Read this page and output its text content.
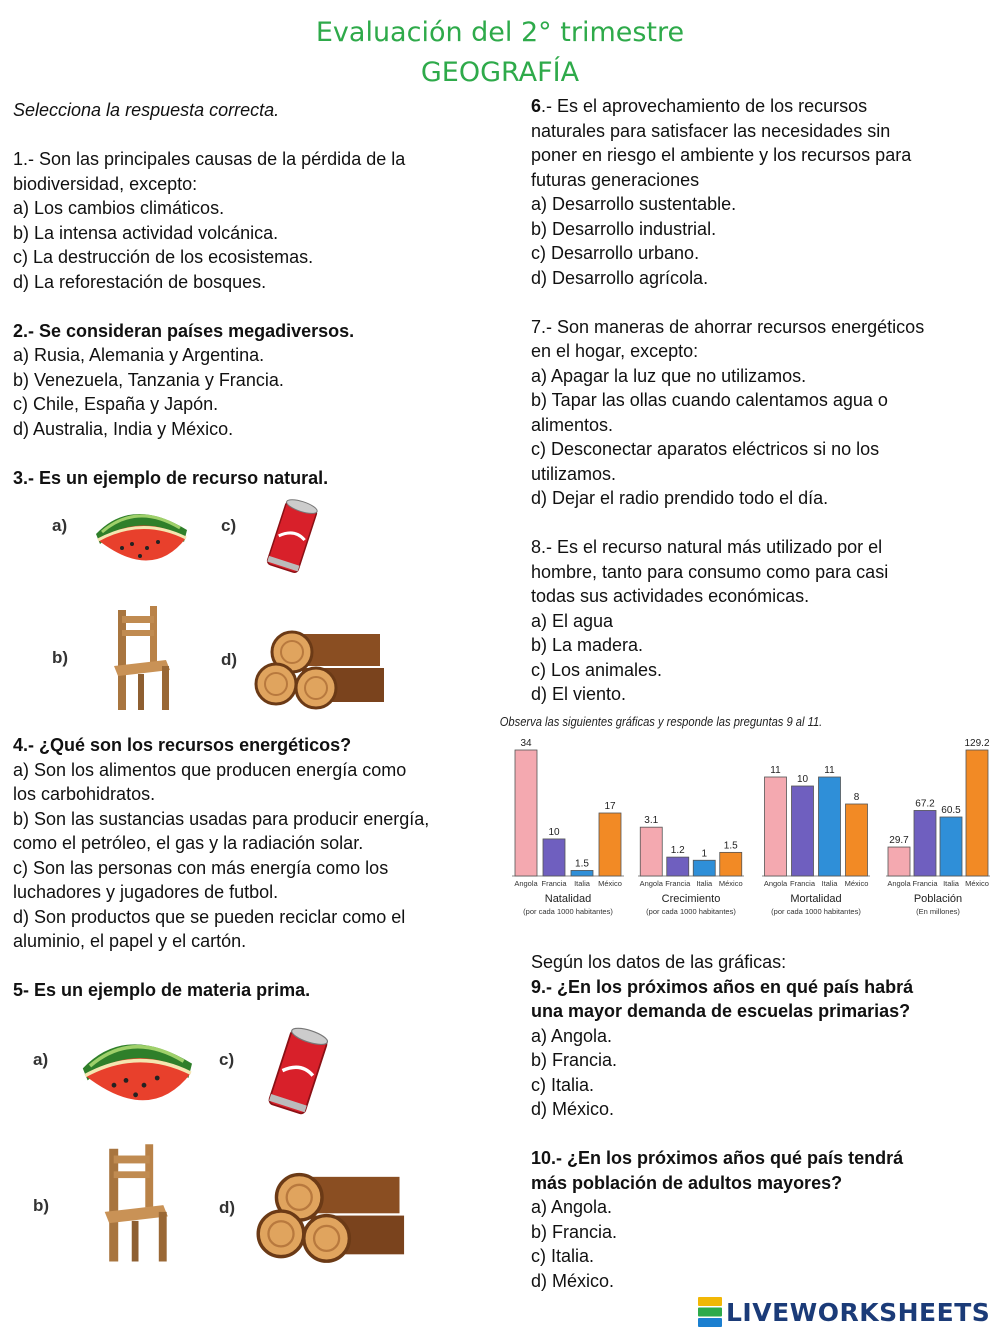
Evaluación del 2° trimestre
GEOGRAFÍA

Selecciona la respuesta correcta.

1.- Son las principales causas de la pérdida de la

biodiversidad, excepto:

a) Los cambios climáticos.

b) La intensa actividad volcánica.

c) La destrucción de los ecosistemas.

d) La reforestación de bosques.

2.- Se consideran países megadiversos.

a) Rusia, Alemania y Argentina.

b) Venezuela, Tanzania y Francia.

c) Chile, España y Japón.

d) Australia, India y México.

3.- Es un ejemplo de recurso natural.

a)	c)
b)	d)

4.- ¿Qué son los recursos energéticos?

a) Son los alimentos que producen energía como

los carbohidratos.

b) Son las sustancias usadas para producir energía,

como el petróleo, el gas y la radiación solar.

c) Son las personas con más energía como los

luchadores y jugadores de futbol.

d) Son productos que se pueden reciclar como el

aluminio, el papel y el cartón.

5- Es un ejemplo de materia prima.

a)	c)
b)	d)

6.- Es el aprovechamiento de los recursos

naturales para satisfacer las necesidades sin

poner en riesgo el ambiente y los recursos para

futuras generaciones

a) Desarrollo sustentable.

b) Desarrollo industrial.

c) Desarrollo urbano.

d) Desarrollo agrícola.

7.- Son maneras de ahorrar recursos energéticos

en el hogar, excepto:

a) Apagar la luz que no utilizamos.

b) Tapar las ollas cuando calentamos agua o

alimentos.

c) Desconectar aparatos eléctricos si no los

utilizamos.

d) Dejar el radio prendido todo el día.

8.- Es el recurso natural más utilizado por el

hombre, tanto para consumo como para casi

todas sus actividades económicas.

a) El agua

b) La madera.

c) Los animales.

d) El viento.

Observa las siguientes gráficas y responde las preguntas 9 al 11.
34
Angola
10
Francia
1.5
Italia
17
México
Natalidad
(por cada 1000 habitantes)
3.1
Angola
1.2
Francia
1
Italia
1.5
México
Crecimiento
(por cada 1000 habitantes)
11
Angola
10
Francia
11
Italia
8
México
Mortalidad
(por cada 1000 habitantes)
29.7
Angola
67.2
Francia
60.5
Italia
129.2
México
Población
(En millones)

Según los datos de las gráficas:

9.- ¿En los próximos años en qué país habrá

una mayor demanda de escuelas primarias?

a) Angola.

b) Francia.

c) Italia.

d) México.

10.- ¿En los próximos años qué país tendrá

más población de adultos mayores?

a) Angola.

b) Francia.

c) Italia.

d) México.

LIVEWORKSHEETS
